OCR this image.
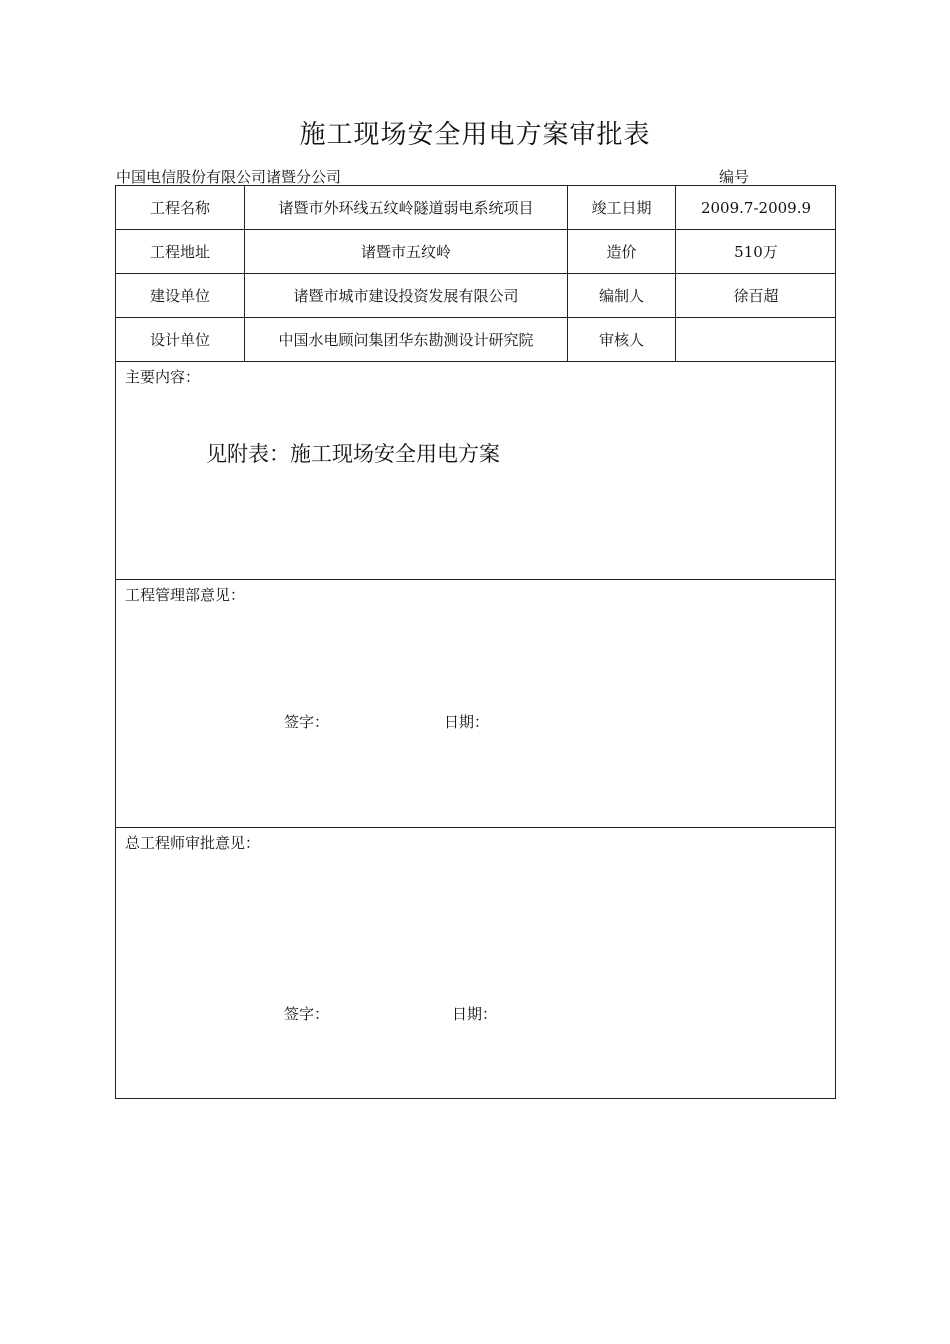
施工现场安全用电方案审批表
中国电信股份有限公司诸暨分公司	编号
工程名称	诸暨市外环线五纹岭隧道弱电系统项目	竣工日期	2009.7-2009.9
工程地址	诸暨市五纹岭	造价	510万
建设单位	诸暨市城市建设投资发展有限公司	编制人	徐百超
设计单位	中国水电顾问集团华东勘测设计研究院	审核人
主要内容：
见附表：施工现场安全用电方案
工程管理部意见：
签字：	日期：
总工程师审批意见：
签字：	日期：
